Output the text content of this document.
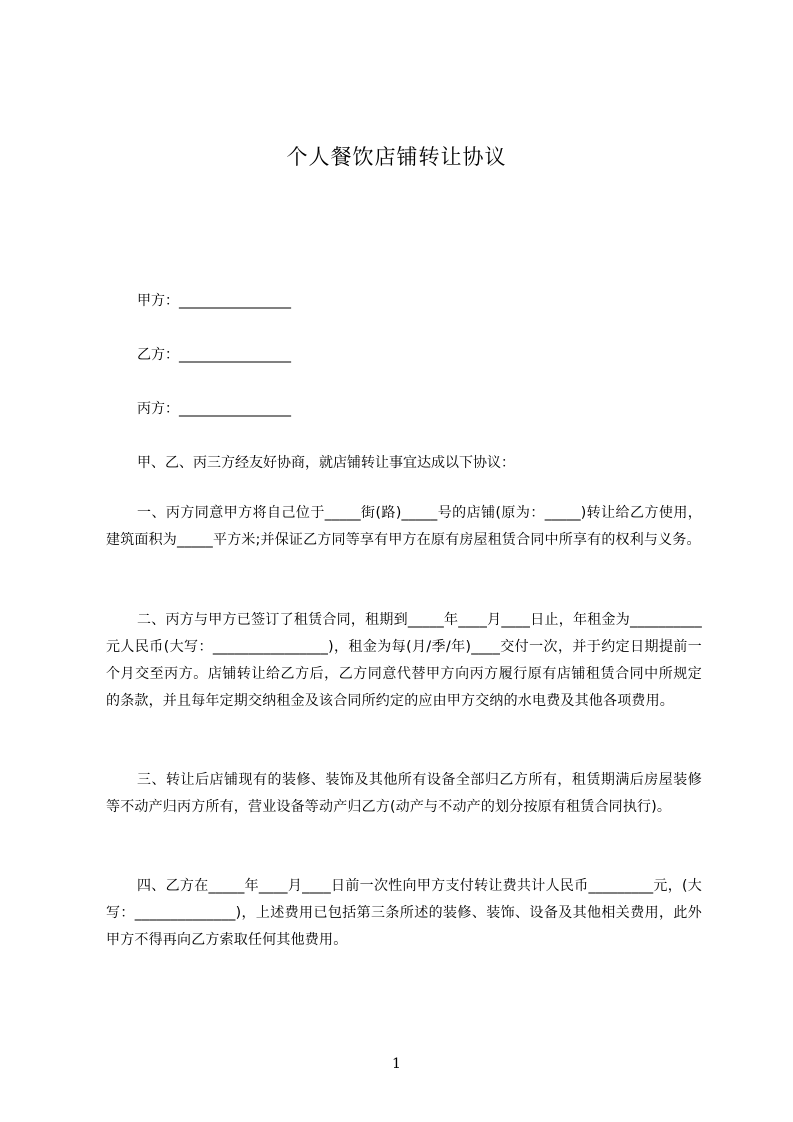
个人餐饮店铺转让协议
甲方：________________
乙方：________________
丙方：________________
甲、乙、丙三方经友好协商，就店铺转让事宜达成以下协议：
一、丙方同意甲方将自己位于_____街(路)_____号的店铺(原为：_____)转让给乙方使用，建筑面积为_____平方米;并保证乙方同等享有甲方在原有房屋租赁合同中所享有的权利与义务。
二、丙方与甲方已签订了租赁合同，租期到_____年____月____日止，年租金为__________元人民币(大写：________________)，租金为每(月/季/年)____交付一次，并于约定日期提前一个月交至丙方。店铺转让给乙方后，乙方同意代替甲方向丙方履行原有店铺租赁合同中所规定的条款，并且每年定期交纳租金及该合同所约定的应由甲方交纳的水电费及其他各项费用。
三、转让后店铺现有的装修、装饰及其他所有设备全部归乙方所有，租赁期满后房屋装修等不动产归丙方所有，营业设备等动产归乙方(动产与不动产的划分按原有租赁合同执行)。
四、乙方在_____年____月____日前一次性向甲方支付转让费共计人民币_________元，(大写：______________)，上述费用已包括第三条所述的装修、装饰、设备及其他相关费用，此外甲方不得再向乙方索取任何其他费用。
1
